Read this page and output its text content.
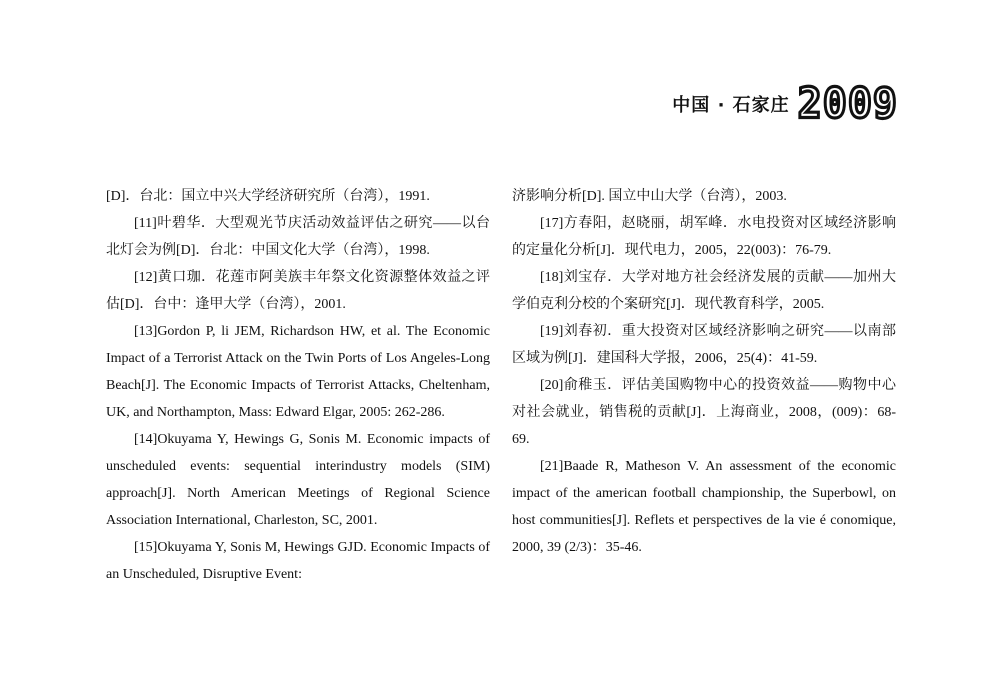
中国 · 石家庄 2009

[D]．台北：国立中兴大学经济研究所（台湾），1991.

[11]叶碧华．大型观光节庆活动效益评估之研究——以台北灯会为例[D]．台北：中国文化大学（台湾），1998.

[12]黄口珈．花莲市阿美族丰年祭文化资源整体效益之评估[D]．台中：逢甲大学（台湾），2001.

[13]Gordon P, li JEM, Richardson HW, et al. The Economic Impact of a Terrorist Attack on the Twin Ports of Los Angeles-Long Beach[J]. The Economic Impacts of Terrorist Attacks, Cheltenham, UK, and Northampton, Mass: Edward Elgar, 2005: 262-286.

[14]Okuyama Y, Hewings G, Sonis M. Economic impacts of unscheduled events: sequential interindustry models (SIM) approach[J]. North American Meetings of Regional Science Association International, Charleston, SC, 2001.

[15]Okuyama Y, Sonis M, Hewings GJD. Economic Impacts of an Unscheduled, Disruptive Event:

济影响分析[D]. 国立中山大学（台湾），2003.

[17]方春阳，赵晓丽，胡军峰．水电投资对区域经济影响的定量化分析[J]．现代电力，2005，22(003)：76-79.

[18]刘宝存．大学对地方社会经济发展的贡献——加州大学伯克利分校的个案研究[J]．现代教育科学，2005.

[19]刘春初．重大投资对区域经济影响之研究——以南部区域为例[J]．建国科大学报，2006，25(4)：41-59.

[20]俞稚玉．评估美国购物中心的投资效益——购物中心对社会就业，销售税的贡献[J]．上海商业，2008，(009)：68-69.

[21]Baade R, Matheson V. An assessment of the economic impact of the american football championship, the Superbowl, on host communities[J]. Reflets et perspectives de la vie é conomique, 2000, 39 (2/3)：35-46.
